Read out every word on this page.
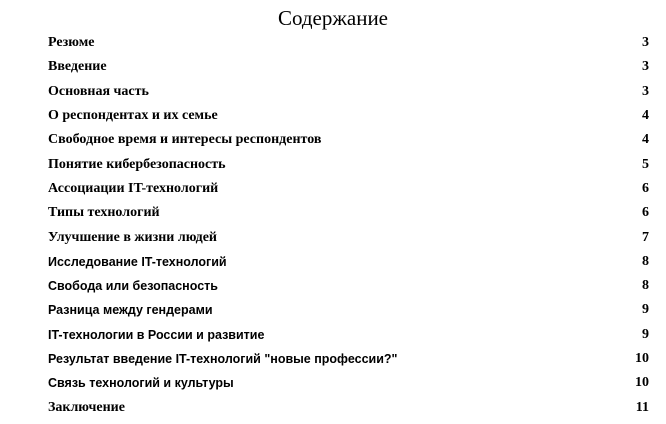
Содержание
Резюме	3
Введение	3
Основная часть	3
О респондентах и их семье	4
Свободное время и интересы респондентов	4
Понятие кибербезопасность	5
Ассоциации IT-технологий	6
Типы технологий	6
Улучшение в жизни людей	7
Исследование IT-технологий	8
Свобода или безопасность	8
Разница между гендерами	9
IT-технологии в России и развитие	9
Результат введение IT-технологий "новые профессии?"	10
Связь технологий и культуры	10
Заключение	11
